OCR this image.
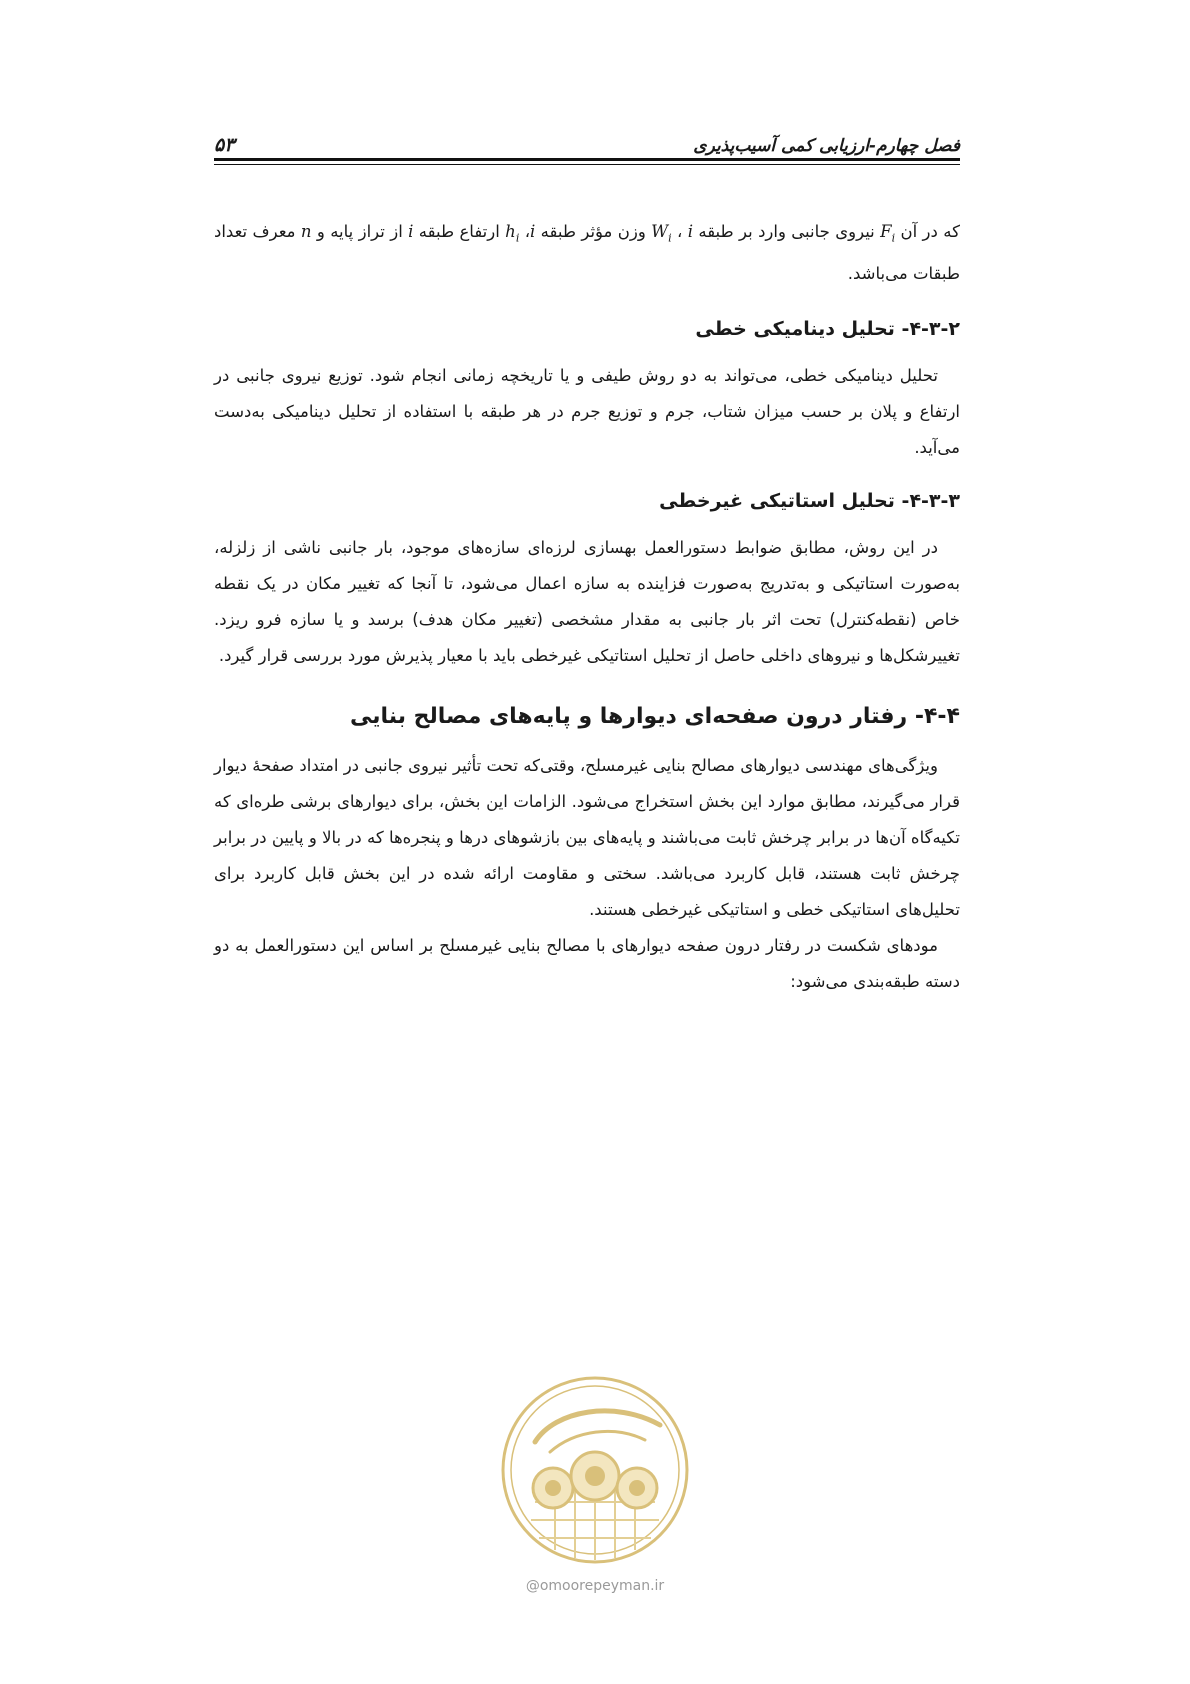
فصل چهارم-ارزیابی کمی آسیب‌پذیری
۵۳

که در آن $F_i$ نیروی جانبی وارد بر طبقه i ، $W_i$ وزن مؤثر طبقه i، $h_i$ ارتفاع طبقه i از تراز پایه و n معرف تعداد طبقات می‌باشد.

۴-۳-۲- تحلیل دینامیکی خطی

تحلیل دینامیکی خطی، می‌تواند به دو روش طیفی و یا تاریخچه زمانی انجام شود. توزیع نیروی جانبی در ارتفاع و پلان بر حسب میزان شتاب، جرم و توزیع جرم در هر طبقه با استفاده از تحلیل دینامیکی به‌دست می‌آید.

۴-۳-۳- تحلیل استاتیکی غیرخطی

در این روش، مطابق ضوابط دستورالعمل بهسازی لرزه‌ای سازه‌های موجود، بار جانبی ناشی از زلزله، به‌صورت استاتیکی و به‌تدریج به‌صورت فزاینده به سازه اعمال می‌شود، تا آنجا که تغییر مکان در یک نقطه خاص (نقطه‌کنترل) تحت اثر بار جانبی به مقدار مشخصی (تغییر مکان هدف) برسد و یا سازه فرو ریزد. تغییرشکل‌ها و نیروهای داخلی حاصل از تحلیل استاتیکی غیرخطی باید با معیار پذیرش مورد بررسی قرار گیرد.

۴-۴- رفتار درون صفحه‌ای دیوارها و پایه‌های مصالح بنایی

ویژگی‌های مهندسی دیوارهای مصالح بنایی غیرمسلح، وقتی‌که تحت تأثیر نیروی جانبی در امتداد صفحهٔ دیوار قرار می‌گیرند، مطابق موارد این بخش استخراج می‌شود. الزامات این بخش، برای دیوارهای برشی طره‌ای که تکیه‌گاه آن‌ها در برابر چرخش ثابت می‌باشند و پایه‌های بین بازشوهای درها و پنجره‌ها که در بالا و پایین در برابر چرخش ثابت هستند، قابل کاربرد می‌باشد. سختی و مقاومت ارائه شده در این بخش قابل کاربرد برای تحلیل‌های استاتیکی خطی و استاتیکی غیرخطی هستند.

مودهای شکست در رفتار درون صفحه دیوارهای با مصالح بنایی غیرمسلح بر اساس این دستورالعمل به دو دسته طبقه‌بندی می‌شود:

@omoorepeyman.ir
